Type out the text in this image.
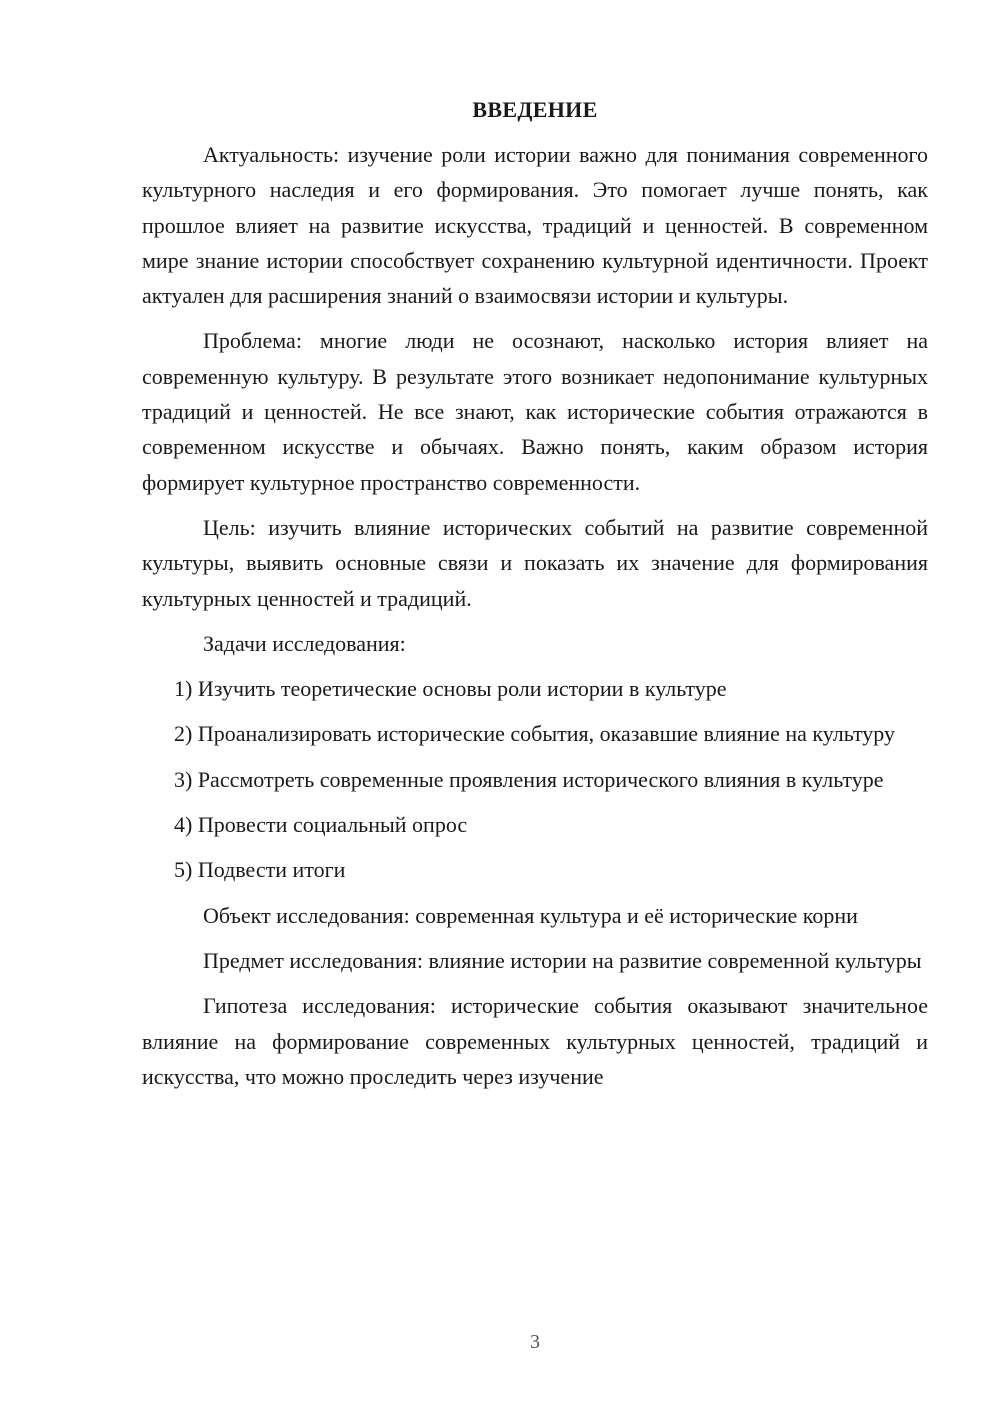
ВВЕДЕНИЕ

Актуальность: изучение роли истории важно для понимания современного культурного наследия и его формирования. Это помогает лучше понять, как прошлое влияет на развитие искусства, традиций и ценностей. В современном мире знание истории способствует сохранению культурной идентичности. Проект актуален для расширения знаний о взаимосвязи истории и культуры.

Проблема: многие люди не осознают, насколько история влияет на современную культуру. В результате этого возникает недопонимание культурных традиций и ценностей. Не все знают, как исторические события отражаются в современном искусстве и обычаях. Важно понять, каким образом история формирует культурное пространство современности.

Цель: изучить влияние исторических событий на развитие современной культуры, выявить основные связи и показать их значение для формирования культурных ценностей и традиций.

Задачи исследования:

1) Изучить теоретические основы роли истории в культуре

2) Проанализировать исторические события, оказавшие влияние на культуру

3) Рассмотреть современные проявления исторического влияния в культуре

4) Провести социальный опрос

5) Подвести итоги

Объект исследования: современная культура и её исторические корни

Предмет исследования: влияние истории на развитие современной культуры

Гипотеза исследования: исторические события оказывают значительное влияние на формирование современных культурных ценностей, традиций и искусства, что можно проследить через изучение

3
